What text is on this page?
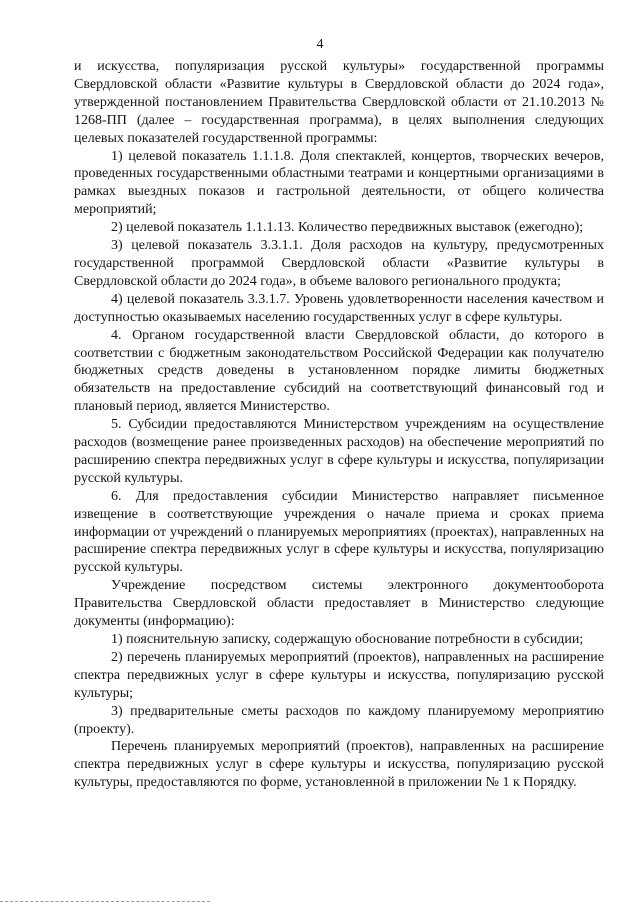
4

и искусства, популяризация русской культуры» государственной программы Свердловской области «Развитие культуры в Свердловской области до 2024 года», утвержденной постановлением Правительства Свердловской области от 21.10.2013 № 1268-ПП (далее – государственная программа), в целях выполнения следующих целевых показателей государственной программы:

1) целевой показатель 1.1.1.8. Доля спектаклей, концертов, творческих вечеров, проведенных государственными областными театрами и концертными организациями в рамках выездных показов и гастрольной деятельности, от общего количества мероприятий;

2) целевой показатель 1.1.1.13. Количество передвижных выставок (ежегодно);

3) целевой показатель 3.3.1.1. Доля расходов на культуру, предусмотренных государственной программой Свердловской области «Развитие культуры в Свердловской области до 2024 года», в объеме валового регионального продукта;

4) целевой показатель 3.3.1.7. Уровень удовлетворенности населения качеством и доступностью оказываемых населению государственных услуг в сфере культуры.

4. Органом государственной власти Свердловской области, до которого в соответствии с бюджетным законодательством Российской Федерации как получателю бюджетных средств доведены в установленном порядке лимиты бюджетных обязательств на предоставление субсидий на соответствующий финансовый год и плановый период, является Министерство.

5. Субсидии предоставляются Министерством учреждениям на осуществление расходов (возмещение ранее произведенных расходов) на обеспечение мероприятий по расширению спектра передвижных услуг в сфере культуры и искусства, популяризации русской культуры.

6. Для предоставления субсидии Министерство направляет письменное извещение в соответствующие учреждения о начале приема и сроках приема информации от учреждений о планируемых мероприятиях (проектах), направленных на расширение спектра передвижных услуг в сфере культуры и искусства, популяризацию русской культуры.

Учреждение посредством системы электронного документооборота Правительства Свердловской области предоставляет в Министерство следующие документы (информацию):

1) пояснительную записку, содержащую обоснование потребности в субсидии;

2) перечень планируемых мероприятий (проектов), направленных на расширение спектра передвижных услуг в сфере культуры и искусства, популяризацию русской культуры;

3) предварительные сметы расходов по каждому планируемому мероприятию (проекту).

Перечень планируемых мероприятий (проектов), направленных на расширение спектра передвижных услуг в сфере культуры и искусства, популяризацию русской культуры, предоставляются по форме, установленной в приложении № 1 к Порядку.
